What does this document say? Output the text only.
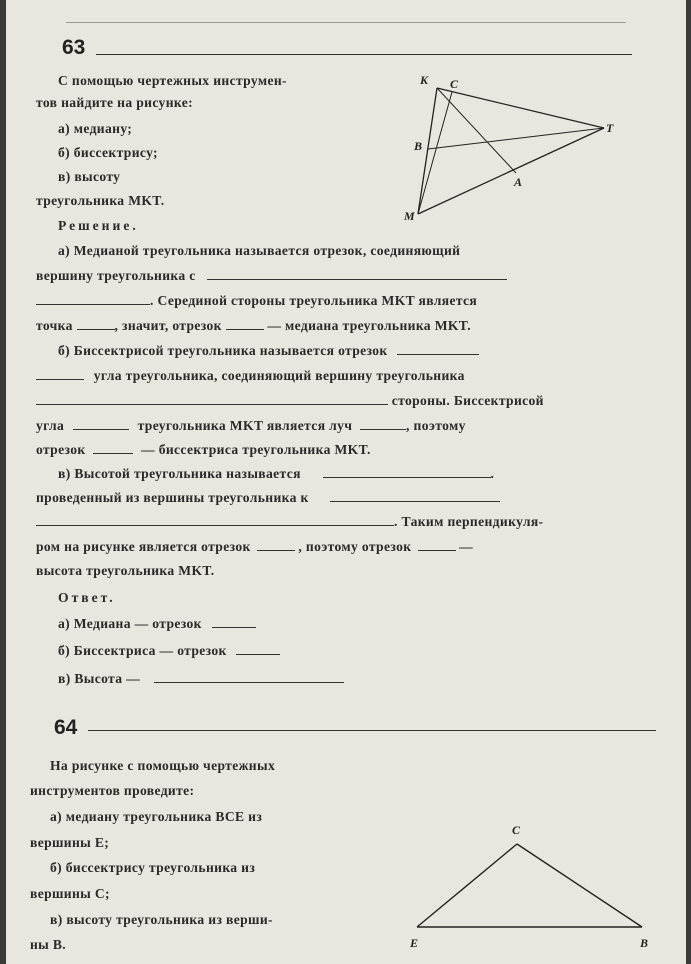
63
С помощью чертежных инструмен-
тов найдите на рисунке:
а) медиану;
б) биссектрису;
в) высоту
треугольника MKT.
K C
T
B
A
M
Решение.
а) Медианой треугольника называется отрезок, соединяющий
вершину треугольника с
. Серединой стороны треугольника MKT является
точка	, значит, отрезок	— медиана треугольника MKT.
б) Биссектрисой треугольника называется отрезок
угла треугольника, соединяющий вершину треугольника
стороны. Биссектрисой
угла	треугольника MKT является луч	, поэтому
отрезок	— биссектриса треугольника MKT.
в) Высотой треугольника называется	.
проведенный из вершины треугольника к
. Таким перпендикуля-
ром на рисунке является отрезок	, поэтому отрезок	—
высота треугольника MKT.
Ответ.
а) Медиана — отрезок
б) Биссектриса — отрезок
в) Высота —
64
На рисунке с помощью чертежных
инструментов проведите:
а) медиану треугольника BCE из
вершины E;
б) биссектрису треугольника из
вершины C;
в) высоту треугольника из верши-
ны B.
C
E	B
